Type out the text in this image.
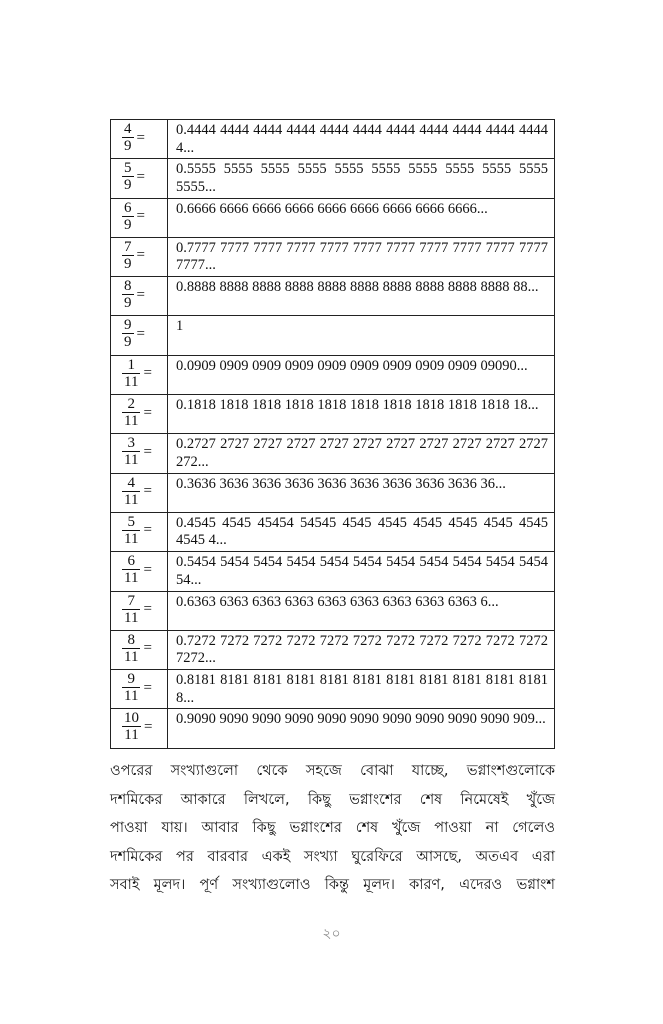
$\frac{4}{9}$ =	0.4444 4444 4444 4444 4444 4444 4444 4444 4444 4444 4444 4...

$\frac{5}{9}$ =	0.5555 5555 5555 5555 5555 5555 5555 5555 5555 5555 5555...

$\frac{6}{9}$ =	0.6666 6666 6666 6666 6666 6666 6666 6666 6666...

$\frac{7}{9}$ =	0.7777 7777 7777 7777 7777 7777 7777 7777 7777 7777 7777 7777...

$\frac{8}{9}$ =	0.8888 8888 8888 8888 8888 8888 8888 8888 8888 8888 88...

$\frac{9}{9}$ =	1

$\frac{1}{11}$ =	0.0909 0909 0909 0909 0909 0909 0909 0909 0909 09090...

$\frac{2}{11}$ =	0.1818 1818 1818 1818 1818 1818 1818 1818 1818 1818 18...

$\frac{3}{11}$ =	0.2727 2727 2727 2727 2727 2727 2727 2727 2727 2727 2727 272...

$\frac{4}{11}$ =	0.3636 3636 3636 3636 3636 3636 3636 3636 3636 36...

$\frac{5}{11}$ =	0.4545 4545 45454 54545 4545 4545 4545 4545 4545 4545 4545 4...

$\frac{6}{11}$ =	0.5454 5454 5454 5454 5454 5454 5454 5454 5454 5454 5454 54...

$\frac{7}{11}$ =	0.6363 6363 6363 6363 6363 6363 6363 6363 6363 6...

$\frac{8}{11}$ =	0.7272 7272 7272 7272 7272 7272 7272 7272 7272 7272 7272 7272...

$\frac{9}{11}$ =	0.8181 8181 8181 8181 8181 8181 8181 8181 8181 8181 8181 8...

$\frac{10}{11}$ =	0.9090 9090 9090 9090 9090 9090 9090 9090 9090 9090 909...
ওপরের সংখ্যাগুলো থেকে সহজে বোঝা যাচ্ছে, ভগ্নাংশগুলোকে
দশমিকের আকারে লিখলে, কিছু ভগ্নাংশের শেষ নিমেষেই খুঁজে
পাওয়া যায়। আবার কিছু ভগ্নাংশের শেষ খুঁজে পাওয়া না গেলেও
দশমিকের পর বারবার একই সংখ্যা ঘুরেফিরে আসছে, অতএব এরা
সবাই মূলদ। পূর্ণ সংখ্যাগুলোও কিন্তু মূলদ। কারণ, এদেরও ভগ্নাংশ
২০
